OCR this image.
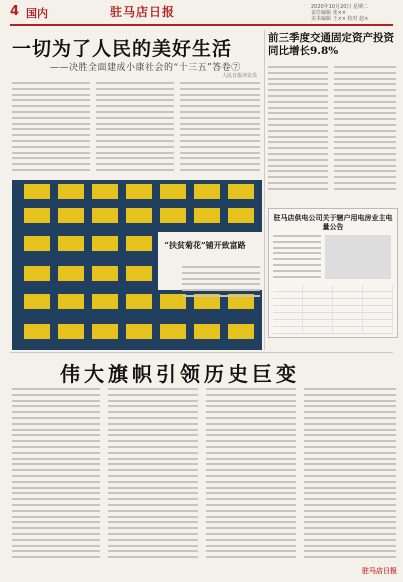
4 国内	驻马店日报	2020年10月20日 星期二
责任编辑 张××
美术编辑 王×× 校对 赵×
一切为了人民的美好生活
——决胜全面建成小康社会的“十三五”答卷⑦
人民日报评论员
前三季度交通固定资产投资同比增长9.8%
驻马店供电公司关于辖户用电房业主电量公告
“扶贫菊花”铺开致富路
伟大旗帜引领历史巨变
驻马店日报
